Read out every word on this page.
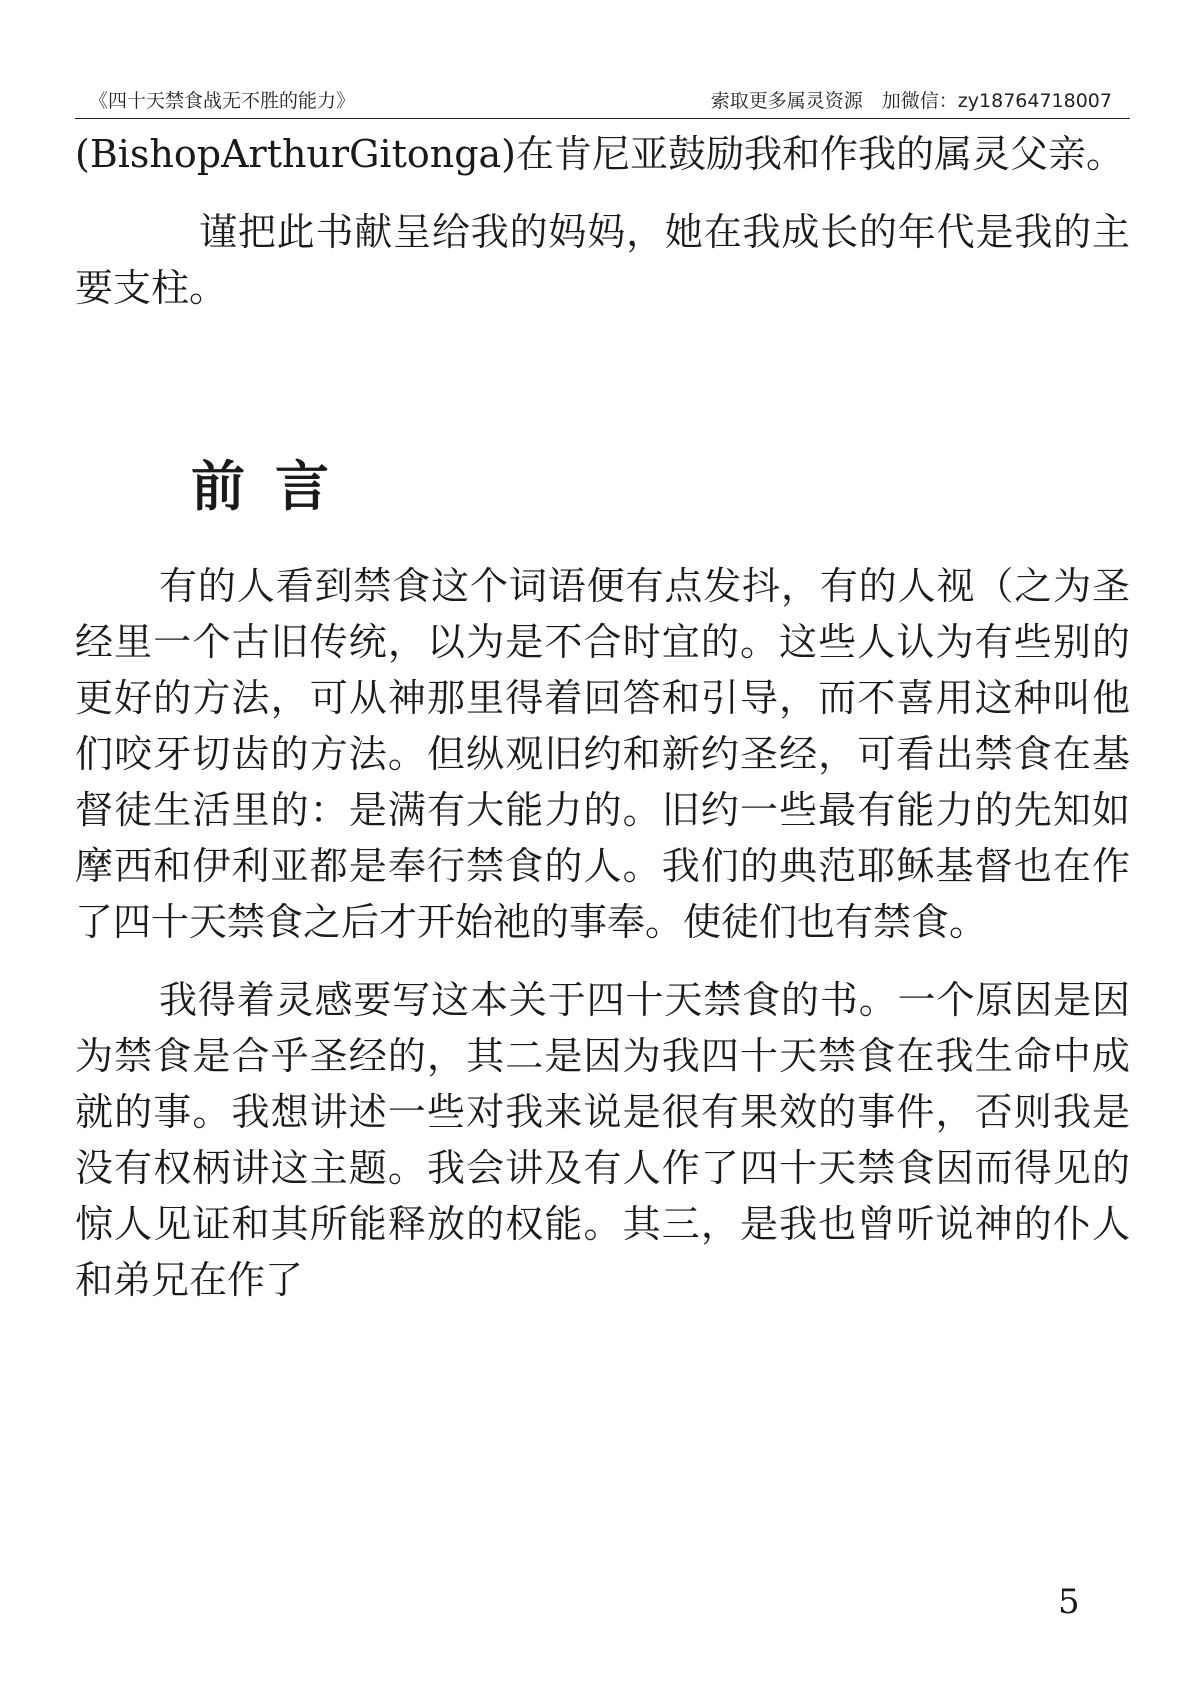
《四十天禁食战无不胜的能力》	索取更多属灵资源　加微信：zy18764718007

(BishopArthurGitonga)在肯尼亚鼓励我和作我的属灵父亲。

谨把此书献呈给我的妈妈，她在我成长的年代是我的主要支柱。

前言

有的人看到禁食这个词语便有点发抖，有的人视（之为圣经里一个古旧传统，以为是不合时宜的。这些人认为有些别的更好的方法，可从神那里得着回答和引导，而不喜用这种叫他们咬牙切齿的方法。但纵观旧约和新约圣经，可看出禁食在基督徒生活里的：是满有大能力的。旧约一些最有能力的先知如摩西和伊利亚都是奉行禁食的人。我们的典范耶稣基督也在作了四十天禁食之后才开始祂的事奉。使徒们也有禁食。

我得着灵感要写这本关于四十天禁食的书。一个原因是因为禁食是合乎圣经的，其二是因为我四十天禁食在我生命中成就的事。我想讲述一些对我来说是很有果效的事件，否则我是没有权柄讲这主题。我会讲及有人作了四十天禁食因而得见的惊人见证和其所能释放的权能。其三，是我也曾听说神的仆人和弟兄在作了

5
